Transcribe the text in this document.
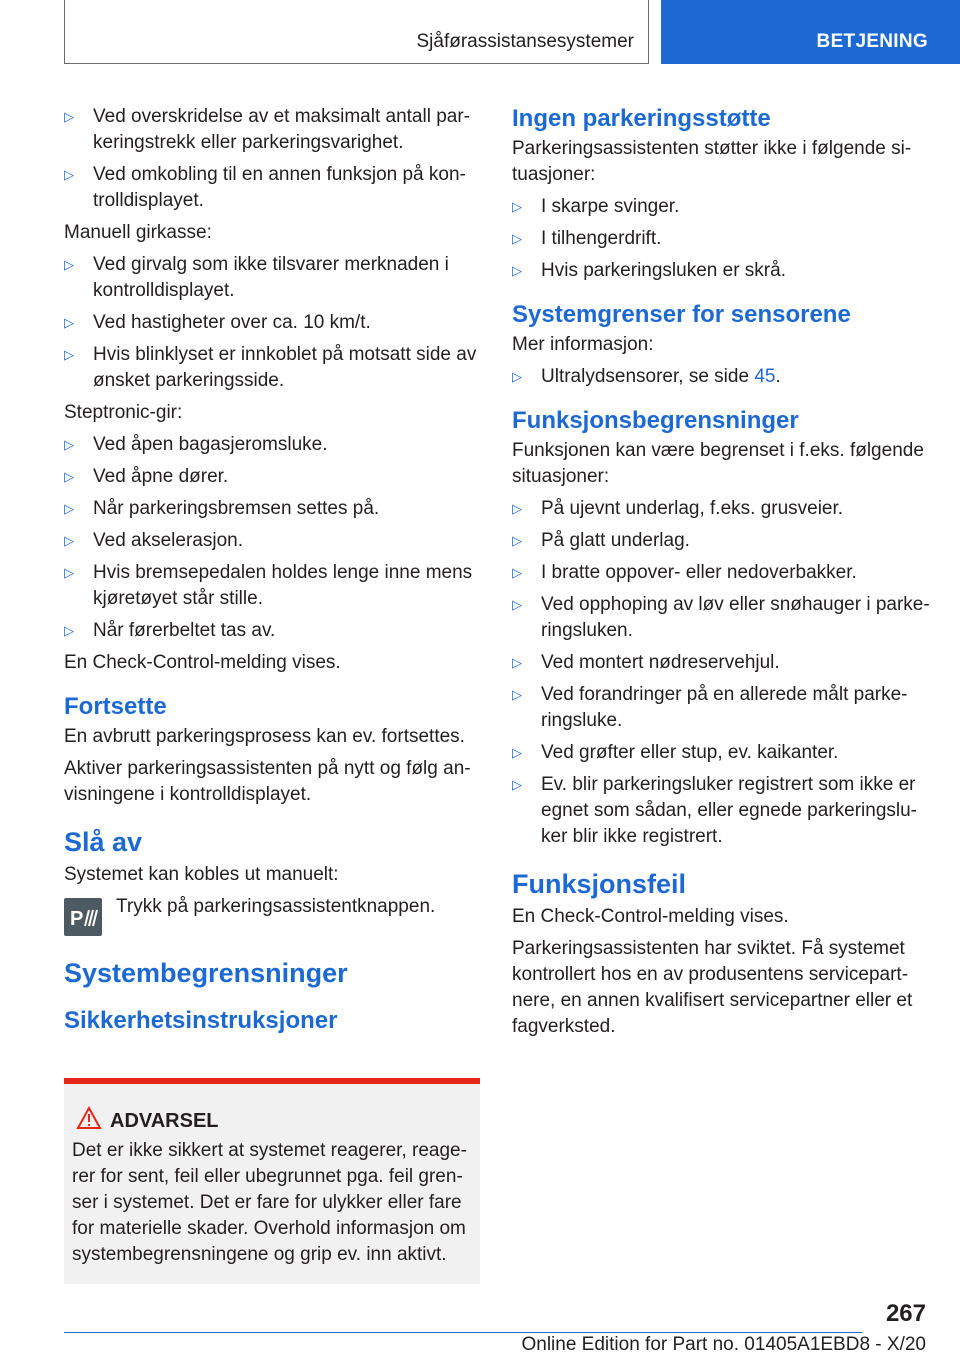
Sjåførassistansesystemer	BETJENING
▷	Ved overskridelse av et maksimalt antall par-keringstrekk eller parkeringsvarighet.
▷	Ved omkobling til en annen funksjon på kon-trolldisplayet.
Manuell girkasse:
▷	Ved girvalg som ikke tilsvarer merknaden i kontrolldisplayet.
▷	Ved hastigheter over ca. 10 km/t.
▷	Hvis blinklyset er innkoblet på motsatt side av ønsket parkeringsside.
Steptronic-gir:
▷	Ved åpen bagasjeromsluke.
▷	Ved åpne dører.
▷	Når parkeringsbremsen settes på.
▷	Ved akselerasjon.
▷	Hvis bremsepedalen holdes lenge inne mens kjøretøyet står stille.
▷	Når førerbeltet tas av.
En Check-Control-melding vises.
Fortsette
En avbrutt parkeringsprosess kan ev. fortsettes.
Aktiver parkeringsassistenten på nytt og følg an-visningene i kontrolldisplayet.
Slå av
Systemet kan kobles ut manuelt:
P
Trykk på parkeringsassistentknappen.
Systembegrensninger
Sikkerhetsinstruksjoner
ADVARSEL
Det er ikke sikkert at systemet reagerer, reage-rer for sent, feil eller ubegrunnet pga. feil gren-ser i systemet. Det er fare for ulykker eller fare for materielle skader. Overhold informasjon om systembegrensningene og grip ev. inn aktivt.
Ingen parkeringsstøtte
Parkeringsassistenten støtter ikke i følgende si-tuasjoner:
▷	I skarpe svinger.
▷	I tilhengerdrift.
▷	Hvis parkeringsluken er skrå.
Systemgrenser for sensorene
Mer informasjon:
▷	Ultralydsensorer, se side 45.
Funksjonsbegrensninger
Funksjonen kan være begrenset i f.eks. følgende situasjoner:
▷	På ujevnt underlag, f.eks. grusveier.
▷	På glatt underlag.
▷	I bratte oppover- eller nedoverbakker.
▷	Ved opphoping av løv eller snøhauger i parke-ringsluken.
▷	Ved montert nødreservehjul.
▷	Ved forandringer på en allerede målt parke-ringsluke.
▷	Ved grøfter eller stup, ev. kaikanter.
▷	Ev. blir parkeringsluker registrert som ikke er egnet som sådan, eller egnede parkeringslu-ker blir ikke registrert.
Funksjonsfeil
En Check-Control-melding vises.
Parkeringsassistenten har sviktet. Få systemet kontrollert hos en av produsentens servicepart-nere, en annen kvalifisert servicepartner eller et fagverksted.
267
Online Edition for Part no. 01405A1EBD8 - X/20
